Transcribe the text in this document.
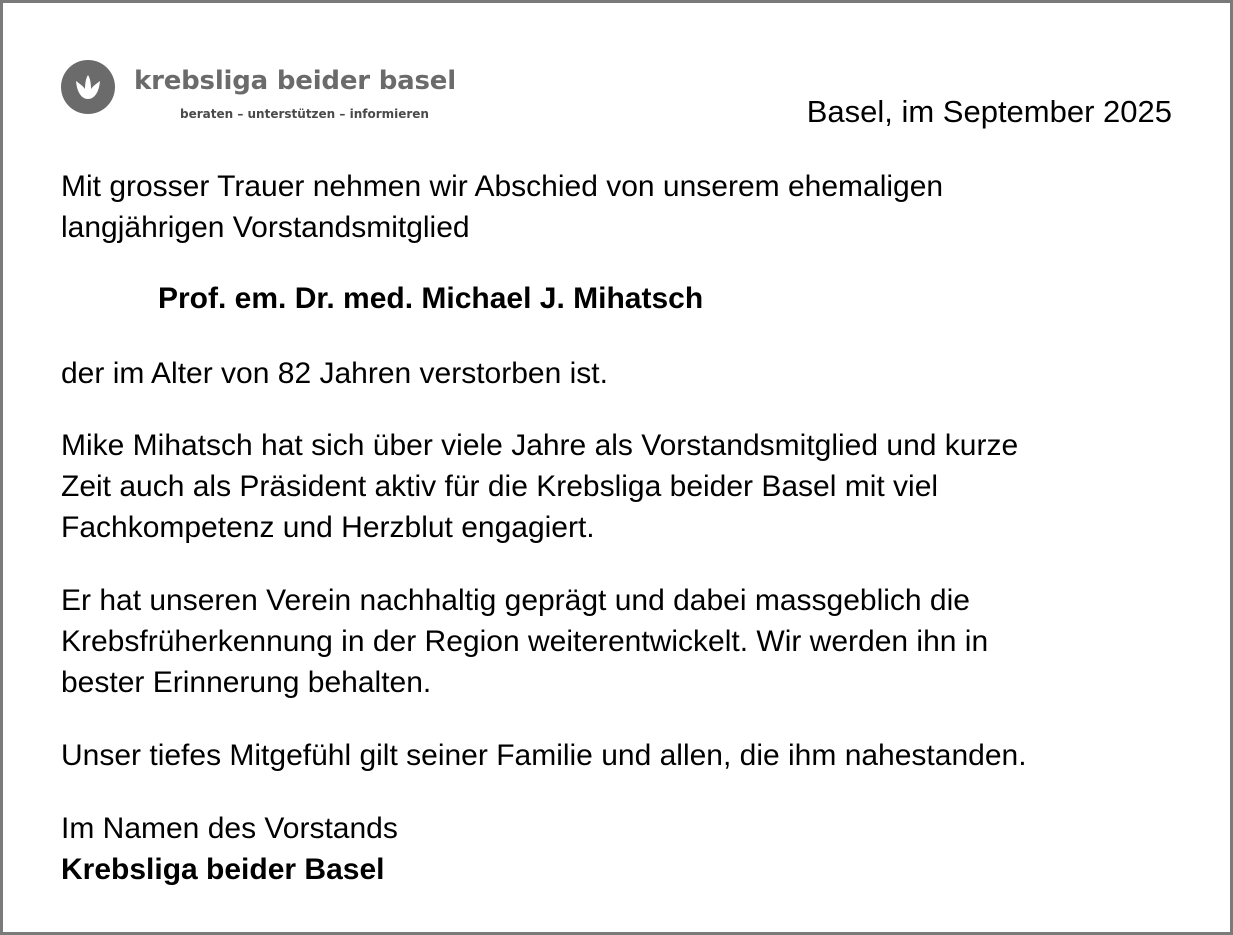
krebsliga beider basel
beraten – unterstützen – informieren	Basel, im September 2025
Mit grosser Trauer nehmen wir Abschied von unserem ehemaligen
langjährigen Vorstandsmitglied
Prof. em. Dr. med. Michael J. Mihatsch
der im Alter von 82 Jahren verstorben ist.
Mike Mihatsch hat sich über viele Jahre als Vorstandsmitglied und kurze
Zeit auch als Präsident aktiv für die Krebsliga beider Basel mit viel
Fachkompetenz und Herzblut engagiert.
Er hat unseren Verein nachhaltig geprägt und dabei massgeblich die
Krebsfrüherkennung in der Region weiterentwickelt. Wir werden ihn in
bester Erinnerung behalten.
Unser tiefes Mitgefühl gilt seiner Familie und allen, die ihm nahestanden.
Im Namen des Vorstands
Krebsliga beider Basel
